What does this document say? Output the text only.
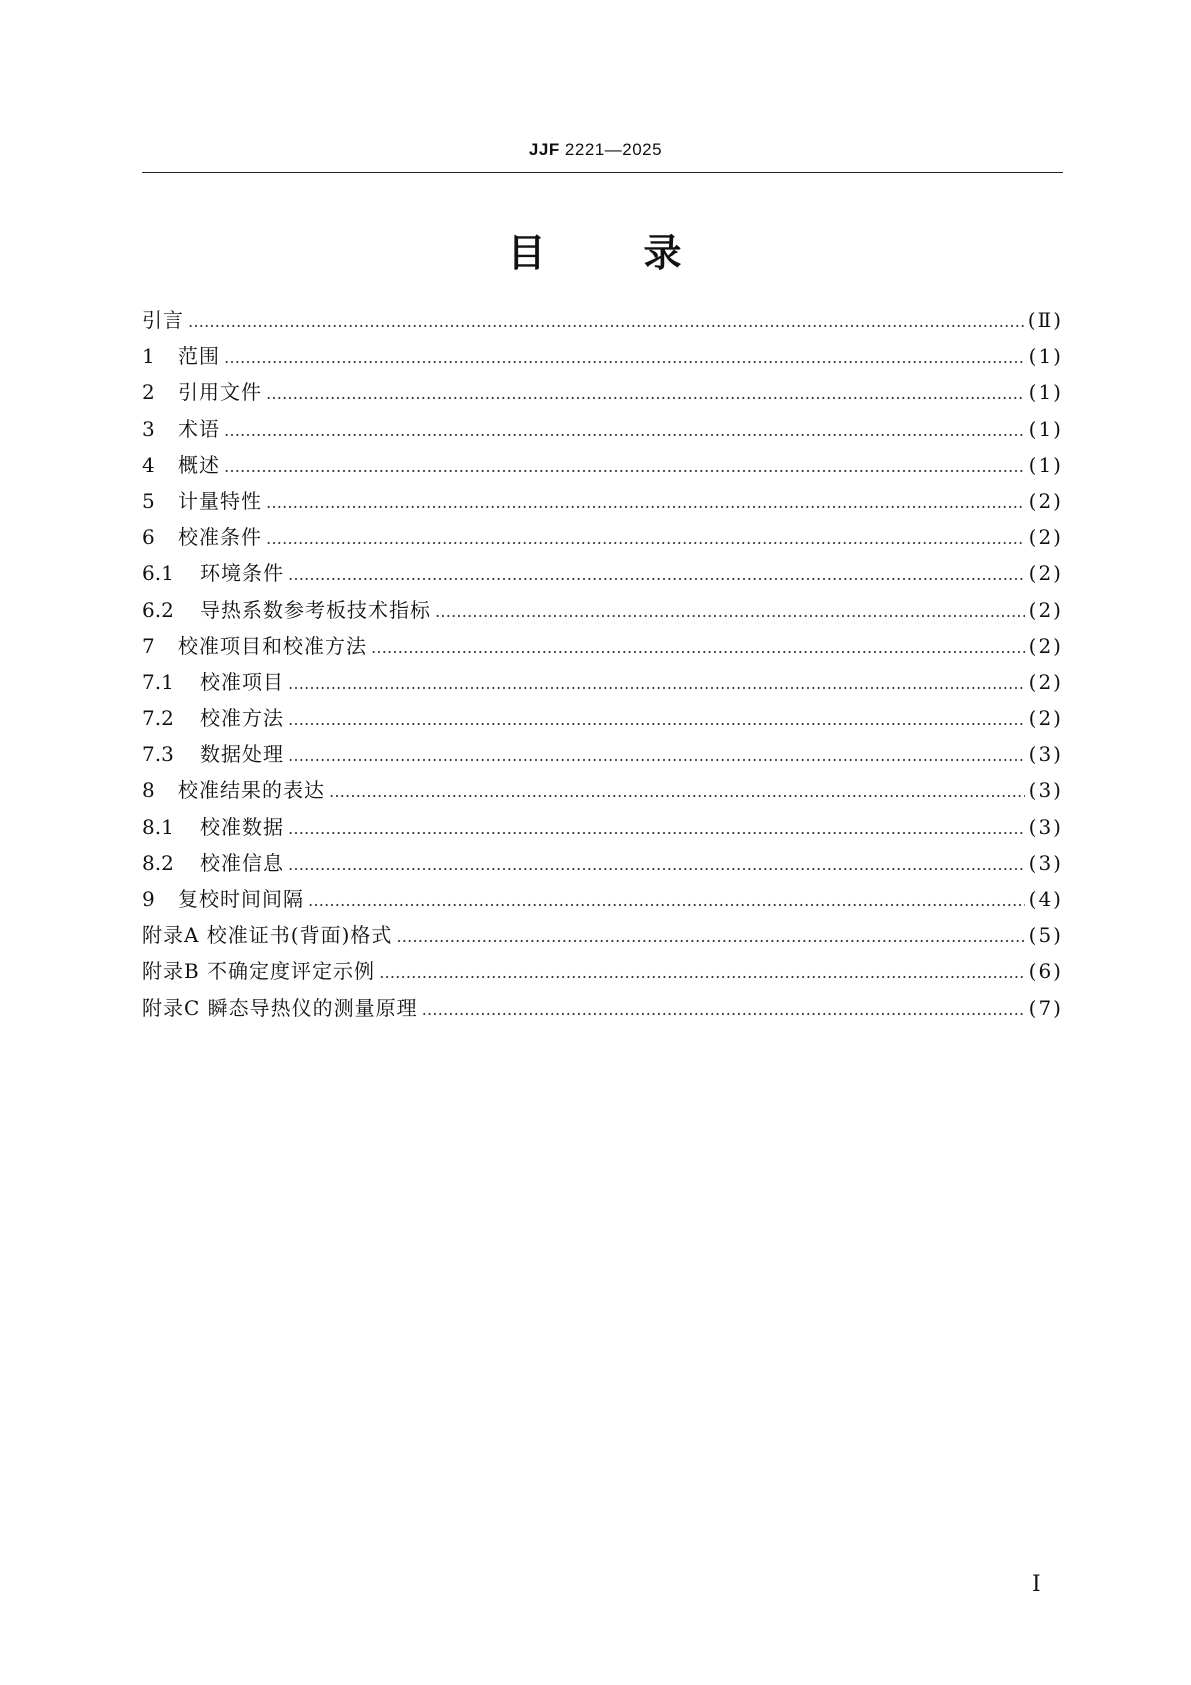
JJF 2221—2025
目	录
引言 ……………………………………………………………………………………………………………………………………………………………………………………	(Ⅱ)
1	范围 ……………………………………………………………………………………………………………………………………………………………………………………	(1)
2	引用文件 ……………………………………………………………………………………………………………………………………………………………………………………	(1)
3	术语 ……………………………………………………………………………………………………………………………………………………………………………………	(1)
4	概述 ……………………………………………………………………………………………………………………………………………………………………………………	(1)
5	计量特性 ……………………………………………………………………………………………………………………………………………………………………………………	(2)
6	校准条件 ……………………………………………………………………………………………………………………………………………………………………………………	(2)
6.1	环境条件 ……………………………………………………………………………………………………………………………………………………………………………………	(2)
6.2	导热系数参考板技术指标 ……………………………………………………………………………………………………………………………………………………………………………………	(2)
7	校准项目和校准方法 ……………………………………………………………………………………………………………………………………………………………………………………	(2)
7.1	校准项目 ……………………………………………………………………………………………………………………………………………………………………………………	(2)
7.2	校准方法 ……………………………………………………………………………………………………………………………………………………………………………………	(2)
7.3	数据处理 ……………………………………………………………………………………………………………………………………………………………………………………	(3)
8	校准结果的表达 ……………………………………………………………………………………………………………………………………………………………………………………	(3)
8.1	校准数据 ……………………………………………………………………………………………………………………………………………………………………………………	(3)
8.2	校准信息 ……………………………………………………………………………………………………………………………………………………………………………………	(3)
9	复校时间间隔 ……………………………………………………………………………………………………………………………………………………………………………………	(4)
附录A 校准证书(背面)格式 ……………………………………………………………………………………………………………………………………………………………………………………	(5)
附录B 不确定度评定示例 ……………………………………………………………………………………………………………………………………………………………………………………	(6)
附录C 瞬态导热仪的测量原理 ……………………………………………………………………………………………………………………………………………………………………………………	(7)
Ⅰ
